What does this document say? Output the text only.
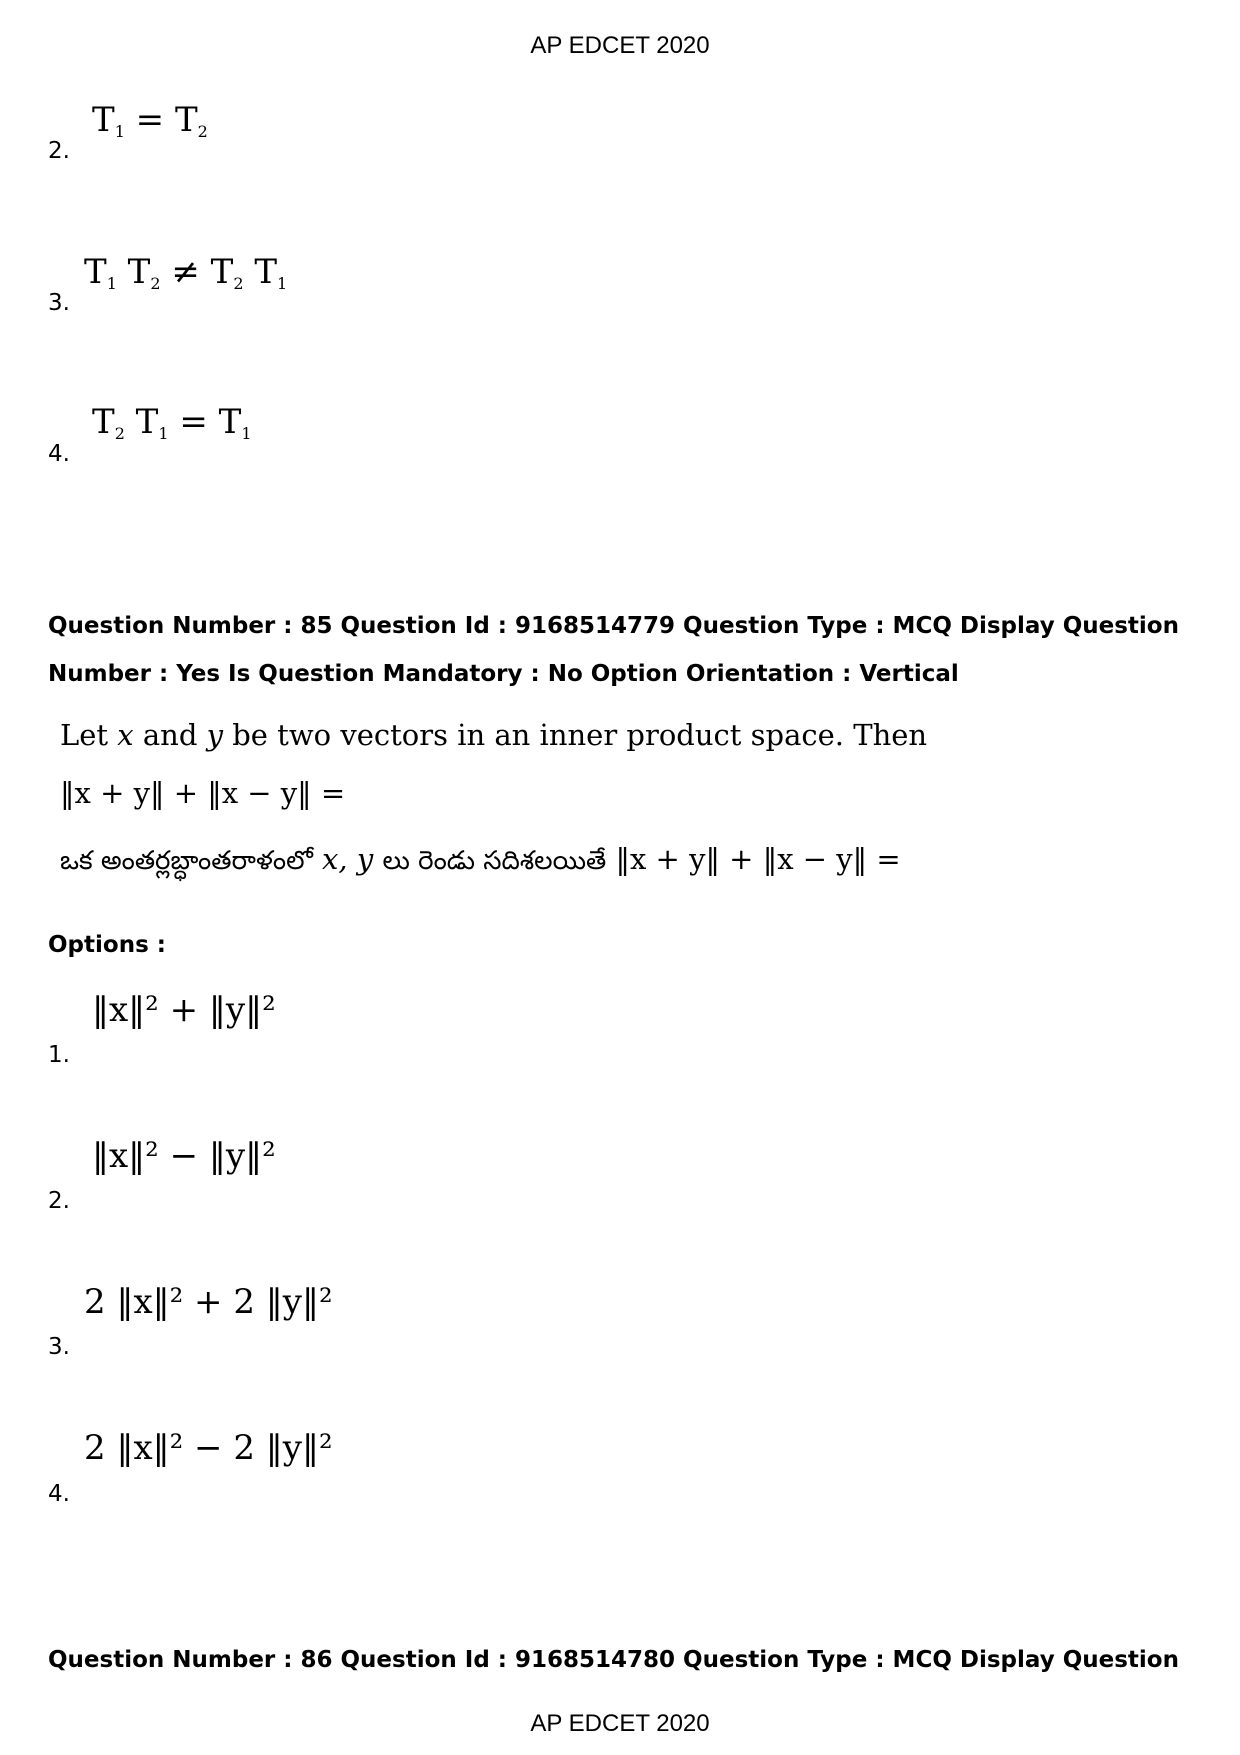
AP EDCET 2020
2.
$T_1 = T_2$
3.
$T_1$ $T_2 \ne T_2$ $T_1$
4.
$T_2$ $T_1 = T_1$
Question Number : 85 Question Id : 9168514779 Question Type : MCQ Display Question
Number : Yes Is Question Mandatory : No Option Orientation : Vertical
Let x and y be two vectors in an inner product space. Then
‖x + y‖ + ‖x − y‖ =
ఒక అంతర్లబ్ధాంతరాళంలో x, y లు రెండు సదిశలయితే ‖x + y‖ + ‖x − y‖ =
Options :
1.
‖x‖² + ‖y‖²
2.
‖x‖² − ‖y‖²
3.
2 ‖x‖² + 2 ‖y‖²
4.
2 ‖x‖² − 2 ‖y‖²
Question Number : 86 Question Id : 9168514780 Question Type : MCQ Display Question
AP EDCET 2020
